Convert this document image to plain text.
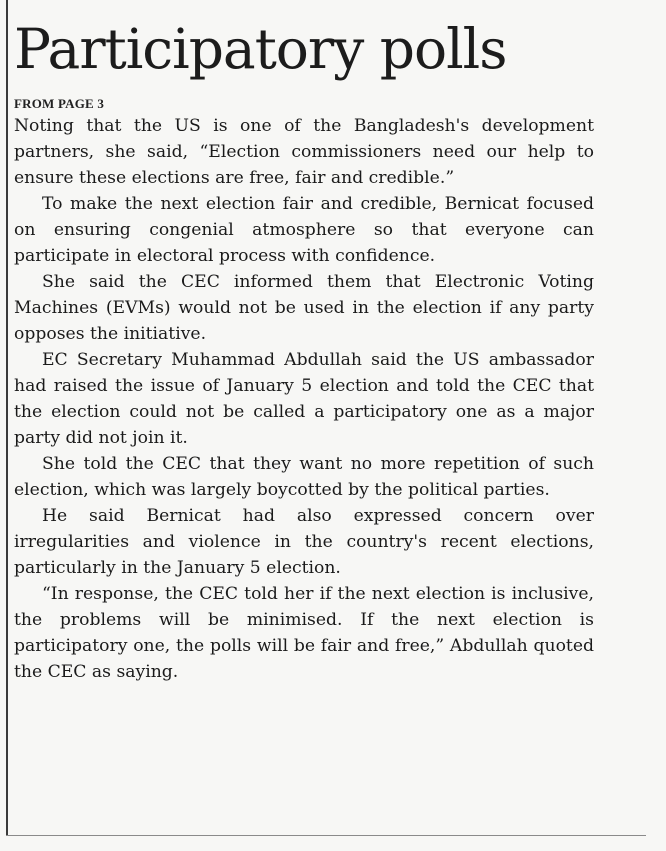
Participatory polls
FROM PAGE 3

Noting that the US is one of the Bangladesh's development partners, she said, “Election commissioners need our help to ensure these elections are free, fair and credible.”

To make the next election fair and credible, Bernicat focused on ensuring congenial atmosphere so that everyone can participate in electoral process with confidence.

She said the CEC informed them that Electronic Voting Machines (EVMs) would not be used in the election if any party opposes the initiative.

EC Secretary Muhammad Abdullah said the US ambassador had raised the issue of January 5 election and told the CEC that the election could not be called a participatory one as a major party did not join it.

She told the CEC that they want no more repetition of such election, which was largely boycotted by the political parties.

He said Bernicat had also expressed concern over irregularities and violence in the country's recent elections, particularly in the January 5 election.

“In response, the CEC told her if the next election is inclusive, the problems will be minimised. If the next election is participatory one, the polls will be fair and free,” Abdullah quoted the CEC as saying.
